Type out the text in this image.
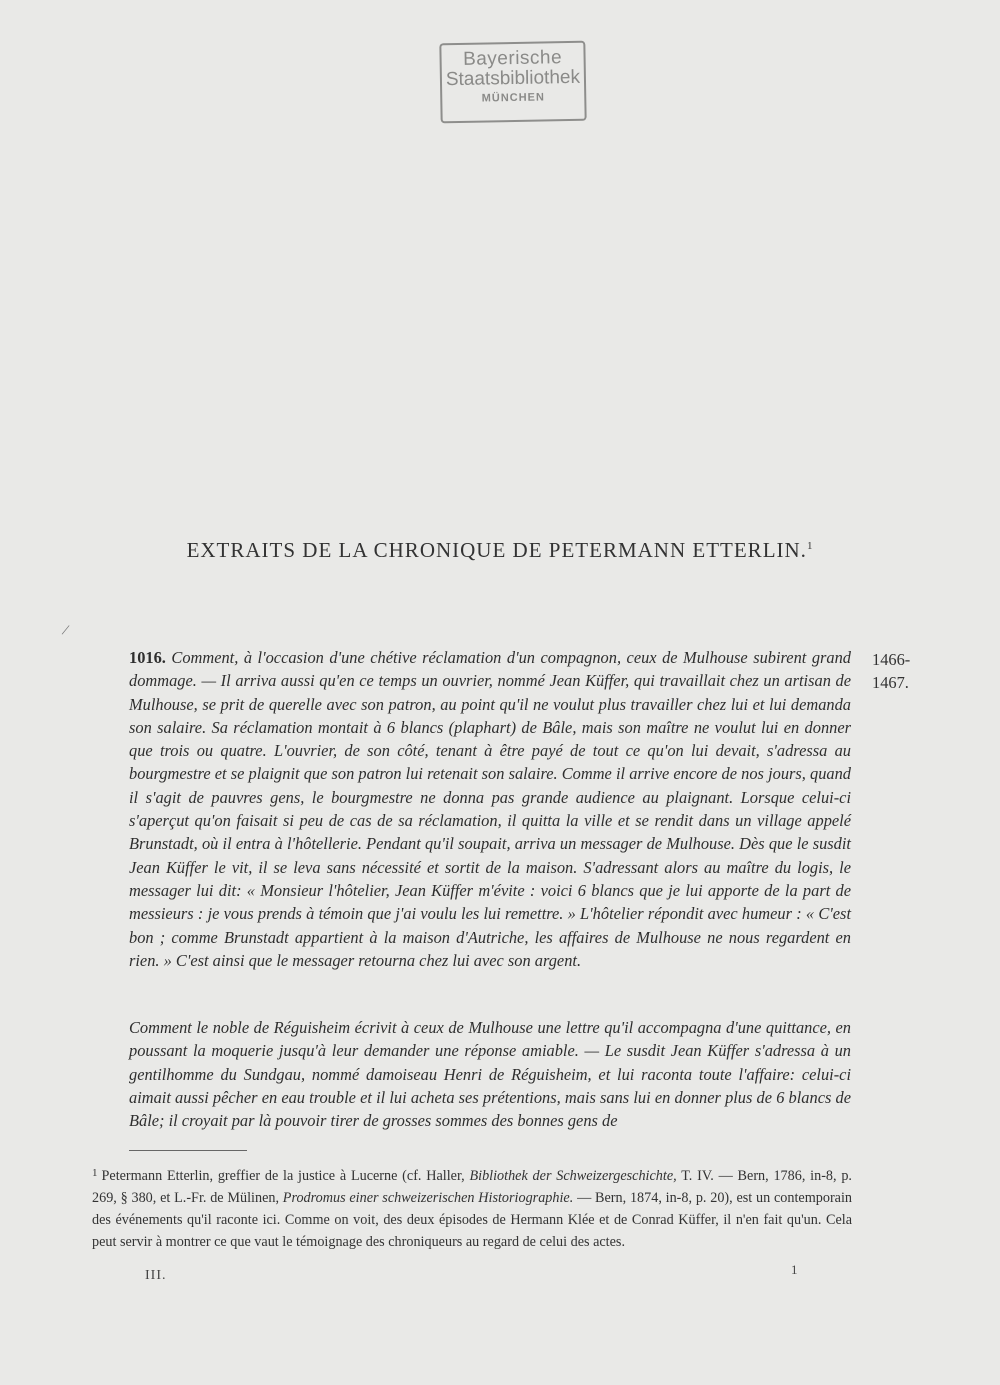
Bayerische
Staatsbibliothek
MÜNCHEN
EXTRAITS DE LA CHRONIQUE DE PETERMANN ETTERLIN.$^1$
/
1016. Comment, à l'occasion d'une chétive réclamation d'un compagnon, ceux de Mulhouse subirent grand dommage. — Il arriva aussi qu'en ce temps un ouvrier, nommé Jean Küffer, qui travaillait chez un artisan de Mulhouse, se prit de querelle avec son patron, au point qu'il ne voulut plus travailler chez lui et lui demanda son salaire. Sa réclamation montait à 6 blancs (plaphart) de Bâle, mais son maître ne voulut lui en donner que trois ou quatre. L'ouvrier, de son côté, tenant à être payé de tout ce qu'on lui devait, s'adressa au bourgmestre et se plaignit que son patron lui retenait son salaire. Comme il arrive encore de nos jours, quand il s'agit de pauvres gens, le bourgmestre ne donna pas grande audience au plaignant. Lorsque celui-ci s'aperçut qu'on faisait si peu de cas de sa réclamation, il quitta la ville et se rendit dans un village appelé Brunstadt, où il entra à l'hôtellerie. Pendant qu'il soupait, arriva un messager de Mulhouse. Dès que le susdit Jean Küffer le vit, il se leva sans nécessité et sortit de la maison. S'adressant alors au maître du logis, le messager lui dit: « Monsieur l'hôtelier, Jean Küffer m'évite : voici 6 blancs que je lui apporte de la part de messieurs : je vous prends à témoin que j'ai voulu les lui remettre. » L'hôtelier répondit avec humeur : « C'est bon ; comme Brunstadt appartient à la maison d'Autriche, les affaires de Mulhouse ne nous regardent en rien. » C'est ainsi que le messager retourna chez lui avec son argent.
1466-
1467.
Comment le noble de Réguisheim écrivit à ceux de Mulhouse une lettre qu'il accompagna d'une quittance, en poussant la moquerie jusqu'à leur demander une réponse amiable. — Le susdit Jean Küffer s'adressa à un gentilhomme du Sundgau, nommé damoiseau Henri de Réguisheim, et lui raconta toute l'affaire: celui-ci aimait aussi pêcher en eau trouble et il lui acheta ses prétentions, mais sans lui en donner plus de 6 blancs de Bâle; il croyait par là pouvoir tirer de grosses sommes des bonnes gens de
$^1$ Petermann Etterlin, greffier de la justice à Lucerne (cf. Haller, Bibliothek der Schweizergeschichte, T. IV. — Bern, 1786, in-8, p. 269, § 380, et L.-Fr. de Mülinen, Prodromus einer schweizerischen Historiographie. — Bern, 1874, in-8, p. 20), est un contemporain des événements qu'il raconte ici. Comme on voit, des deux épisodes de Hermann Klée et de Conrad Küffer, il n'en fait qu'un. Cela peut servir à montrer ce que vaut le témoignage des chroniqueurs au regard de celui des actes.
III.	1
